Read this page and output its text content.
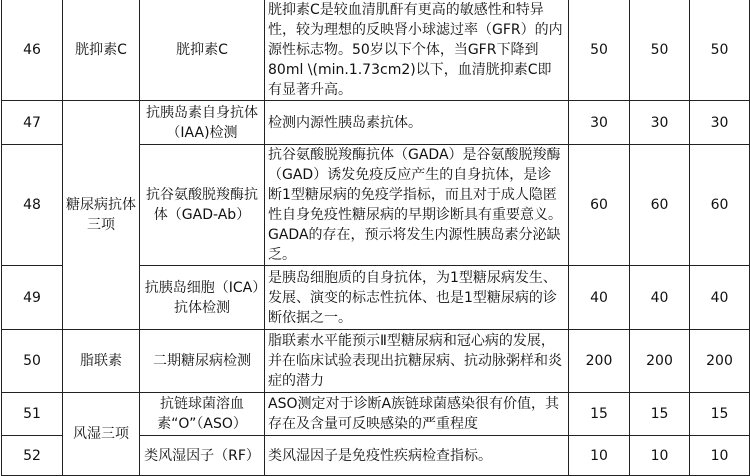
46	胱抑素C	胱抑素C	胱抑素C是较血清肌酐有更高的敏感性和特异性，较为理想的反映肾小球滤过率（GFR）的内源性标志物。50岁以下个体，当GFR下降到80ml \(min.1.73cm2)以下，血清胱抑素C即有显著升高。	50	50	50
47	糖尿病抗体三项	抗胰岛素自身抗体（IAA)检测	检测内源性胰岛素抗体。	30	30	30
48		抗谷氨酸脱羧酶抗体（GAD-Ab）	抗谷氨酸脱羧酶抗体（GADA）是谷氨酸脱羧酶（GAD）诱发免疫反应产生的自身抗体，是诊断1型糖尿病的免疫学指标，而且对于成人隐匿性自身免疫性糖尿病的早期诊断具有重要意义。GADA的存在，预示将发生内源性胰岛素分泌缺乏。	60	60	60
49		抗胰岛细胞（ICA）抗体检测	是胰岛细胞质的自身抗体，为1型糖尿病发生、发展、演变的标志性抗体、也是1型糖尿病的诊断依据之一。	40	40	40
50	脂联素	二期糖尿病检测	脂联素水平能预示Ⅱ型糖尿病和冠心病的发展，并在临床试验表现出抗糖尿病、抗动脉粥样和炎症的潜力	200	200	200
51	风湿三项	抗链球菌溶血素“O”（ASO）	ASO测定对于诊断A族链球菌感染很有价值，其存在及含量可反映感染的严重程度	15	15	15
52		类风湿因子（RF）	类风湿因子是免疫性疾病检查指标。	10	10	10
